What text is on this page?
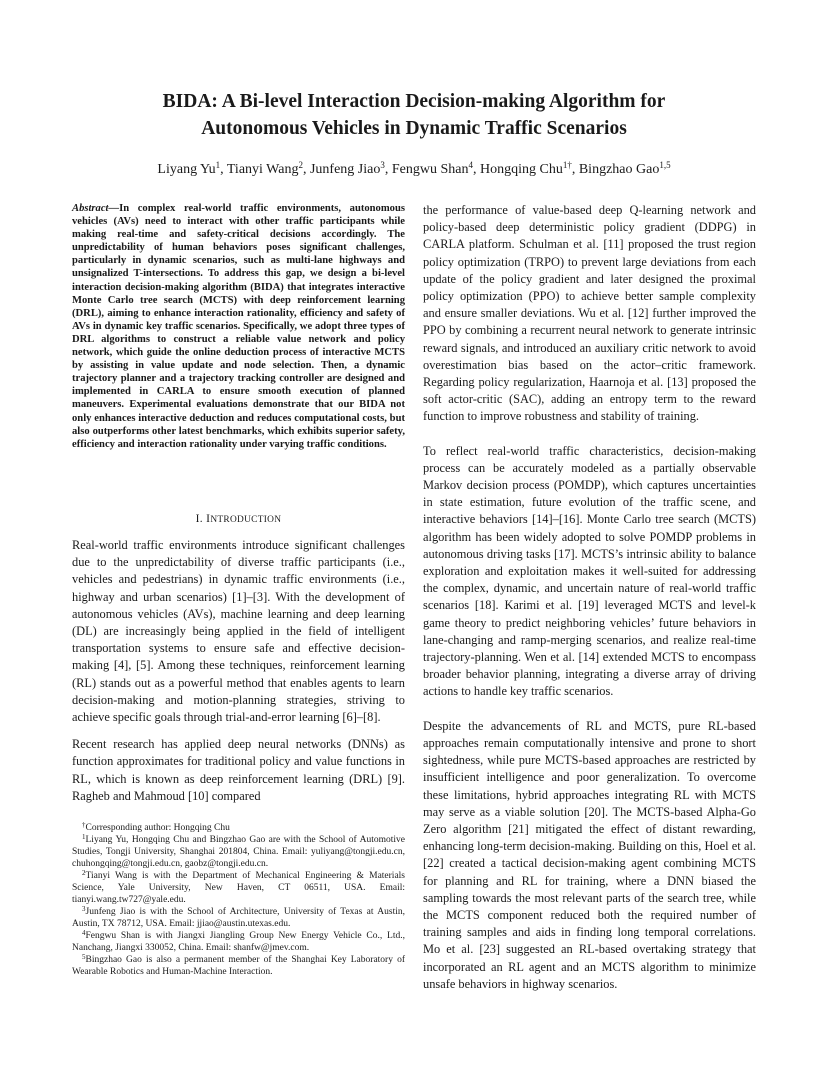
BIDA: A Bi-level Interaction Decision-making Algorithm for
Autonomous Vehicles in Dynamic Traffic Scenarios
Liyang Yu$^1$, Tianyi Wang$^2$, Junfeng Jiao$^3$, Fengwu Shan$^4$, Hongqing Chu$^{1\dagger}$, Bingzhao Gao$^{1,5}$

Abstract—In complex real-world traffic environments, autonomous vehicles (AVs) need to interact with other traffic participants while making real-time and safety-critical decisions accordingly. The unpredictability of human behaviors poses significant challenges, particularly in dynamic scenarios, such as multi-lane highways and unsignalized T-intersections. To address this gap, we design a bi-level interaction decision-making algorithm (BIDA) that integrates interactive Monte Carlo tree search (MCTS) with deep reinforcement learning (DRL), aiming to enhance interaction rationality, efficiency and safety of AVs in dynamic key traffic scenarios. Specifically, we adopt three types of DRL algorithms to construct a reliable value network and policy network, which guide the online deduction process of interactive MCTS by assisting in value update and node selection. Then, a dynamic trajectory planner and a trajectory tracking controller are designed and implemented in CARLA to ensure smooth execution of planned maneuvers. Experimental evaluations demonstrate that our BIDA not only enhances interactive deduction and reduces computational costs, but also outperforms other latest benchmarks, which exhibits superior safety, efficiency and interaction rationality under varying traffic conditions.

I. INTRODUCTION

Real-world traffic environments introduce significant challenges due to the unpredictability of diverse traffic participants (i.e., vehicles and pedestrians) in dynamic traffic environments (i.e., highway and urban scenarios) [1]–[3]. With the development of autonomous vehicles (AVs), machine learning and deep learning (DL) are increasingly being applied in the field of intelligent transportation systems to ensure safe and effective decision-making [4], [5]. Among these techniques, reinforcement learning (RL) stands out as a powerful method that enables agents to learn decision-making and motion-planning strategies, striving to achieve specific goals through trial-and-error learning [6]–[8].

Recent research has applied deep neural networks (DNNs) as function approximates for traditional policy and value functions in RL, which is known as deep reinforcement learning (DRL) [9]. Ragheb and Mahmoud [10] compared

†Corresponding author: Hongqing Chu

$^1$Liyang Yu, Hongqing Chu and Bingzhao Gao are with the School of Automotive Studies, Tongji University, Shanghai 201804, China. Email: yuliyang@tongji.edu.cn, chuhongqing@tongji.edu.cn, gaobz@tongji.edu.cn.

$^2$Tianyi Wang is with the Department of Mechanical Engineering & Materials Science, Yale University, New Haven, CT 06511, USA. Email: tianyi.wang.tw727@yale.edu.

$^3$Junfeng Jiao is with the School of Architecture, University of Texas at Austin, Austin, TX 78712, USA. Email: jjiao@austin.utexas.edu.

$^4$Fengwu Shan is with Jiangxi Jiangling Group New Energy Vehicle Co., Ltd., Nanchang, Jiangxi 330052, China. Email: shanfw@jmev.com.

$^5$Bingzhao Gao is also a permanent member of the Shanghai Key Laboratory of Wearable Robotics and Human-Machine Interaction.

the performance of value-based deep Q-learning network and policy-based deep deterministic policy gradient (DDPG) in CARLA platform. Schulman et al. [11] proposed the trust region policy optimization (TRPO) to prevent large deviations from each update of the policy gradient and later designed the proximal policy optimization (PPO) to achieve better sample complexity and ensure smaller deviations. Wu et al. [12] further improved the PPO by combining a recurrent neural network to generate intrinsic reward signals, and introduced an auxiliary critic network to avoid overestimation bias based on the actor–critic framework. Regarding policy regularization, Haarnoja et al. [13] proposed the soft actor-critic (SAC), adding an entropy term to the reward function to improve robustness and stability of training.

To reflect real-world traffic characteristics, decision-making process can be accurately modeled as a partially observable Markov decision process (POMDP), which captures uncertainties in state estimation, future evolution of the traffic scene, and interactive behaviors [14]–[16]. Monte Carlo tree search (MCTS) algorithm has been widely adopted to solve POMDP problems in autonomous driving tasks [17]. MCTS’s intrinsic ability to balance exploration and exploitation makes it well-suited for addressing the complex, dynamic, and uncertain nature of real-world traffic scenarios [18]. Karimi et al. [19] leveraged MCTS and level-k game theory to predict neighboring vehicles’ future behaviors in lane-changing and ramp-merging scenarios, and realize real-time trajectory-planning. Wen et al. [14] extended MCTS to encompass broader behavior planning, integrating a diverse array of driving actions to handle key traffic scenarios.

Despite the advancements of RL and MCTS, pure RL-based approaches remain computationally intensive and prone to short sightedness, while pure MCTS-based approaches are restricted by insufficient intelligence and poor generalization. To overcome these limitations, hybrid approaches integrating RL with MCTS may serve as a viable solution [20]. The MCTS-based Alpha-Go Zero algorithm [21] mitigated the effect of distant rewarding, enhancing long-term decision-making. Building on this, Hoel et al. [22] created a tactical decision-making agent combining MCTS for planning and RL for training, where a DNN biased the sampling towards the most relevant parts of the search tree, while the MCTS component reduced both the required number of training samples and aids in finding long temporal correlations. Mo et al. [23] suggested an RL-based overtaking strategy that incorporated an RL agent and an MCTS algorithm to minimize unsafe behaviors in highway scenarios.
